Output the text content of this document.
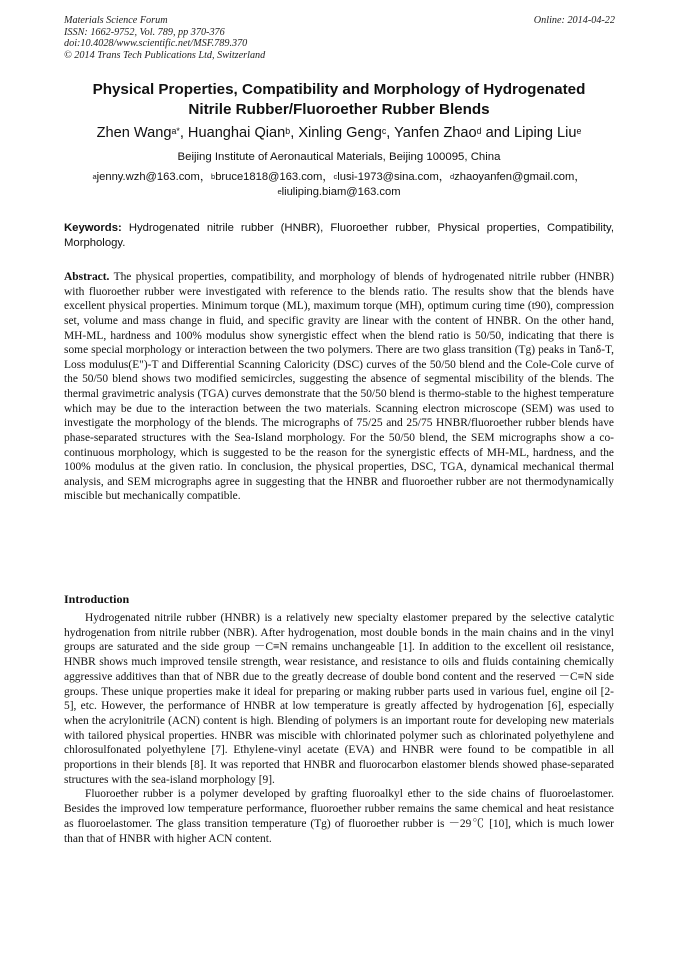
Materials Science Forum
ISSN: 1662-9752, Vol. 789, pp 370-376
doi:10.4028/www.scientific.net/MSF.789.370
© 2014 Trans Tech Publications Ltd, Switzerland
Online: 2014-04-22
Physical Properties, Compatibility and Morphology of Hydrogenated
Nitrile Rubber/Fluoroether Rubber Blends
Zhen Wang$^{a*}$, Huanghai Qian$^b$, Xinling Geng$^c$, Yanfen Zhao$^d$ and Liping Liu$^e$
Beijing Institute of Aeronautical Materials, Beijing 100095, China
$^a$jenny.wzh@163.com，$^b$bruce1818@163.com，$^c$lusi-1973@sina.com，$^d$zhaoyanfen@gmail.com，
$^e$liuliping.biam@163.com
Keywords: Hydrogenated nitrile rubber (HNBR), Fluoroether rubber, Physical properties, Compatibility, Morphology.
Abstract. The physical properties, compatibility, and morphology of blends of hydrogenated nitrile rubber (HNBR) with fluoroether rubber were investigated with reference to the blends ratio. The results show that the blends have excellent physical properties. Minimum torque (ML), maximum torque (MH), optimum curing time (t90), compression set, volume and mass change in fluid, and specific gravity are linear with the content of HNBR. On the other hand, MH-ML, hardness and 100% modulus show synergistic effect when the blend ratio is 50/50, indicating that there is some special morphology or interaction between the two polymers. There are two glass transition (Tg) peaks in Tanδ-T, Loss modulus(E")-T and Differential Scanning Caloricity (DSC) curves of the 50/50 blend and the Cole-Cole curve of the 50/50 blend shows two modified semicircles, suggesting the absence of segmental miscibility of the blends. The thermal gravimetric analysis (TGA) curves demonstrate that the 50/50 blend is thermo-stable to the highest temperature which may be due to the interaction between the two materials. Scanning electron microscope (SEM) was used to investigate the morphology of the blends. The micrographs of 75/25 and 25/75 HNBR/fluoroether rubber blends have phase-separated structures with the Sea-Island morphology. For the 50/50 blend, the SEM micrographs show a co-continuous morphology, which is suggested to be the reason for the synergistic effects of MH-ML, hardness, and the 100% modulus at the given ratio. In conclusion, the physical properties, DSC, TGA, dynamical mechanical thermal analysis, and SEM micrographs agree in suggesting that the HNBR and fluoroether rubber are not thermodynamically miscible but mechanically compatible.
Introduction

Hydrogenated nitrile rubber (HNBR) is a relatively new specialty elastomer prepared by the selective catalytic hydrogenation from nitrile rubber (NBR). After hydrogenation, most double bonds in the main chains and in the vinyl groups are saturated and the side group －C≡N remains unchangeable [1]. In addition to the excellent oil resistance, HNBR shows much improved tensile strength, wear resistance, and resistance to oils and fluids containing chemically aggressive additives than that of NBR due to the greatly decrease of double bond content and the reserved －C≡N side groups. These unique properties make it ideal for preparing or making rubber parts used in various fuel, engine oil [2-5], etc. However, the performance of HNBR at low temperature is greatly affected by hydrogenation [6], especially when the acrylonitrile (ACN) content is high. Blending of polymers is an important route for developing new materials with tailored physical properties. HNBR was miscible with chlorinated polymer such as chlorinated polyethylene and chlorosulfonated polyethylene [7]. Ethylene-vinyl acetate (EVA) and HNBR were found to be compatible in all proportions in their blends [8]. It was reported that HNBR and fluorocarbon elastomer blends showed phase-separated structures with the sea-island morphology [9].

Fluoroether rubber is a polymer developed by grafting fluoroalkyl ether to the side chains of fluoroelastomer. Besides the improved low temperature performance, fluoroether rubber remains the same chemical and heat resistance as fluoroelastomer. The glass transition temperature (Tg) of fluoroether rubber is －29℃ [10], which is much lower than that of HNBR with higher ACN content.
